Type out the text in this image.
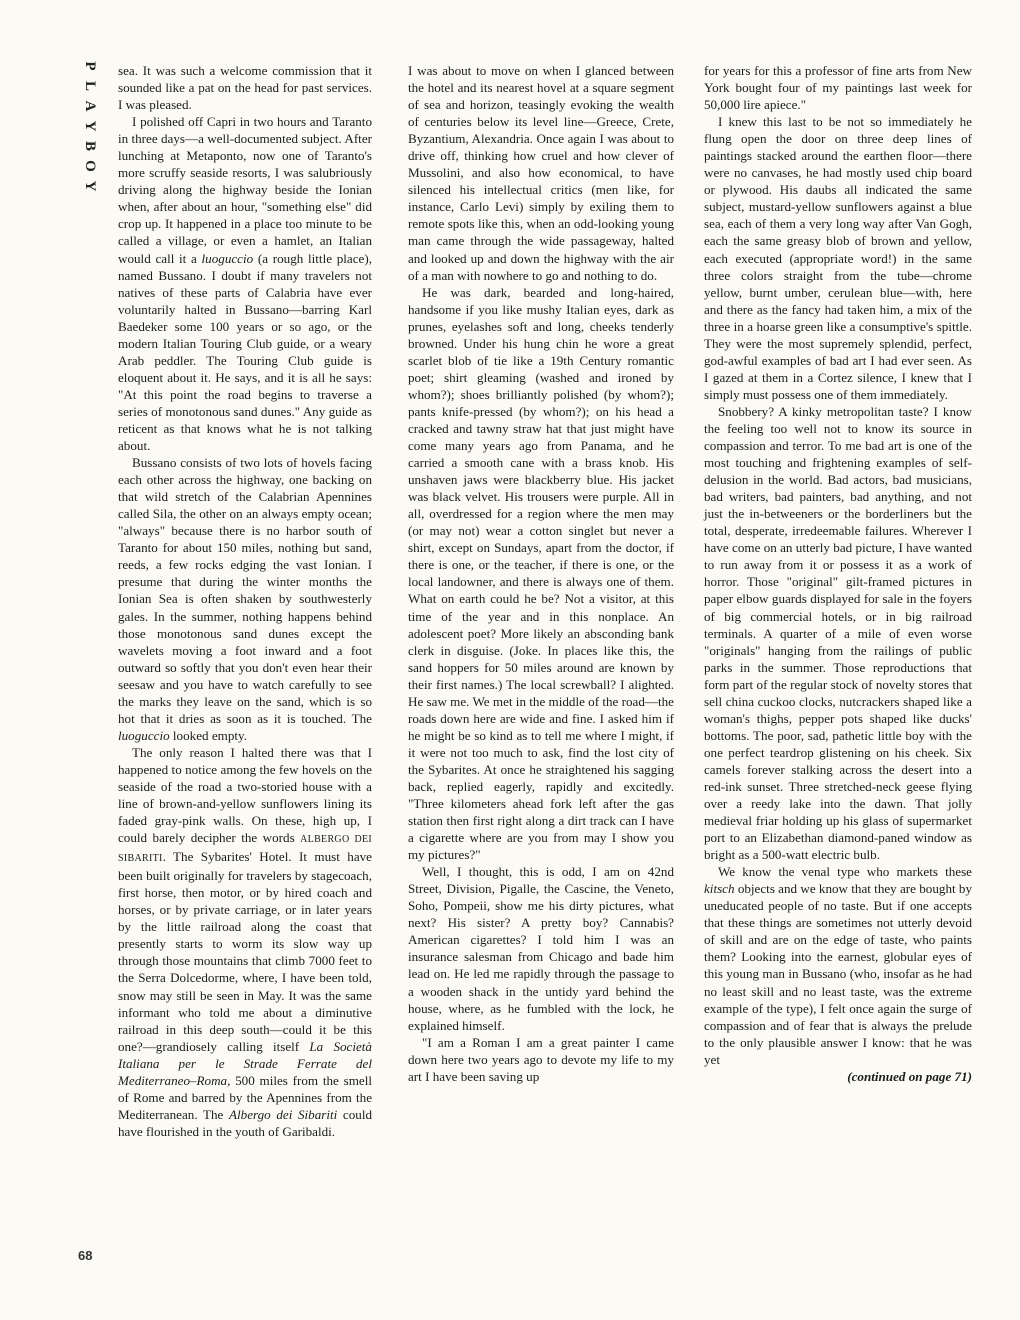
P
L
A
Y
B
O
Y
68

sea. It was such a welcome commission that it sounded like a pat on the head for past services. I was pleased.

I polished off Capri in two hours and Taranto in three days—a well-documented subject. After lunching at Metaponto, now one of Taranto's more scruffy seaside resorts, I was salubriously driving along the highway beside the Ionian when, after about an hour, "something else" did crop up. It happened in a place too minute to be called a village, or even a hamlet, an Italian would call it a luoguccio (a rough little place), named Bussano. I doubt if many travelers not natives of these parts of Calabria have ever voluntarily halted in Bussano—barring Karl Baedeker some 100 years or so ago, or the modern Italian Touring Club guide, or a weary Arab peddler. The Touring Club guide is eloquent about it. He says, and it is all he says: "At this point the road begins to traverse a series of monotonous sand dunes." Any guide as reticent as that knows what he is not talking about.

Bussano consists of two lots of hovels facing each other across the highway, one backing on that wild stretch of the Calabrian Apennines called Sila, the other on an always empty ocean; "always" because there is no harbor south of Taranto for about 150 miles, nothing but sand, reeds, a few rocks edging the vast Ionian. I presume that during the winter months the Ionian Sea is often shaken by southwesterly gales. In the summer, nothing happens behind those monotonous sand dunes except the wavelets moving a foot inward and a foot outward so softly that you don't even hear their seesaw and you have to watch carefully to see the marks they leave on the sand, which is so hot that it dries as soon as it is touched. The luoguccio looked empty.

The only reason I halted there was that I happened to notice among the few hovels on the seaside of the road a two-storied house with a line of brown-and-yellow sunflowers lining its faded gray-pink walls. On these, high up, I could barely decipher the words ALBERGO DEI SIBARITI. The Sybarites' Hotel. It must have been built originally for travelers by stagecoach, first horse, then motor, or by hired coach and horses, or by private carriage, or in later years by the little railroad along the coast that presently starts to worm its slow way up through those mountains that climb 7000 feet to the Serra Dolcedorme, where, I have been told, snow may still be seen in May. It was the same informant who told me about a diminutive railroad in this deep south—could it be this one?—grandiosely calling itself La Società Italiana per le Strade Ferrate del Mediterraneo–Roma, 500 miles from the smell of Rome and barred by the Apennines from the Mediterranean. The Albergo dei Sibariti could have flourished in the youth of Garibaldi.

I was about to move on when I glanced between the hotel and its nearest hovel at a square segment of sea and horizon, teasingly evoking the wealth of centuries below its level line—Greece, Crete, Byzantium, Alexandria. Once again I was about to drive off, thinking how cruel and how clever of Mussolini, and also how economical, to have silenced his intellectual critics (men like, for instance, Carlo Levi) simply by exiling them to remote spots like this, when an odd-looking young man came through the wide passageway, halted and looked up and down the highway with the air of a man with nowhere to go and nothing to do.

He was dark, bearded and long-haired, handsome if you like mushy Italian eyes, dark as prunes, eyelashes soft and long, cheeks tenderly browned. Under his hung chin he wore a great scarlet blob of tie like a 19th Century romantic poet; shirt gleaming (washed and ironed by whom?); shoes brilliantly polished (by whom?); pants knife-pressed (by whom?); on his head a cracked and tawny straw hat that just might have come many years ago from Panama, and he carried a smooth cane with a brass knob. His unshaven jaws were blackberry blue. His jacket was black velvet. His trousers were purple. All in all, overdressed for a region where the men may (or may not) wear a cotton singlet but never a shirt, except on Sundays, apart from the doctor, if there is one, or the teacher, if there is one, or the local landowner, and there is always one of them. What on earth could he be? Not a visitor, at this time of the year and in this nonplace. An adolescent poet? More likely an absconding bank clerk in disguise. (Joke. In places like this, the sand hoppers for 50 miles around are known by their first names.) The local screwball? I alighted. He saw me. We met in the middle of the road—the roads down here are wide and fine. I asked him if he might be so kind as to tell me where I might, if it were not too much to ask, find the lost city of the Sybarites. At once he straightened his sagging back, replied eagerly, rapidly and excitedly. "Three kilometers ahead fork left after the gas station then first right along a dirt track can I have a cigarette where are you from may I show you my pictures?"

Well, I thought, this is odd, I am on 42nd Street, Division, Pigalle, the Cascine, the Veneto, Soho, Pompeii, show me his dirty pictures, what next? His sister? A pretty boy? Cannabis? American cigarettes? I told him I was an insurance salesman from Chicago and bade him lead on. He led me rapidly through the passage to a wooden shack in the untidy yard behind the house, where, as he fumbled with the lock, he explained himself.

"I am a Roman I am a great painter I came down here two years ago to devote my life to my art I have been saving up

for years for this a professor of fine arts from New York bought four of my paintings last week for 50,000 lire apiece."

I knew this last to be not so immediately he flung open the door on three deep lines of paintings stacked around the earthen floor—there were no canvases, he had mostly used chip board or plywood. His daubs all indicated the same subject, mustard-yellow sunflowers against a blue sea, each of them a very long way after Van Gogh, each the same greasy blob of brown and yellow, each executed (appropriate word!) in the same three colors straight from the tube—chrome yellow, burnt umber, cerulean blue—with, here and there as the fancy had taken him, a mix of the three in a hoarse green like a consumptive's spittle. They were the most supremely splendid, perfect, god-awful examples of bad art I had ever seen. As I gazed at them in a Cortez silence, I knew that I simply must possess one of them immediately.

Snobbery? A kinky metropolitan taste? I know the feeling too well not to know its source in compassion and terror. To me bad art is one of the most touching and frightening examples of self-delusion in the world. Bad actors, bad musicians, bad writers, bad painters, bad anything, and not just the in-betweeners or the borderliners but the total, desperate, irredeemable failures. Wherever I have come on an utterly bad picture, I have wanted to run away from it or possess it as a work of horror. Those "original" gilt-framed pictures in paper elbow guards displayed for sale in the foyers of big commercial hotels, or in big railroad terminals. A quarter of a mile of even worse "originals" hanging from the railings of public parks in the summer. Those reproductions that form part of the regular stock of novelty stores that sell china cuckoo clocks, nutcrackers shaped like a woman's thighs, pepper pots shaped like ducks' bottoms. The poor, sad, pathetic little boy with the one perfect teardrop glistening on his cheek. Six camels forever stalking across the desert into a red-ink sunset. Three stretched-neck geese flying over a reedy lake into the dawn. That jolly medieval friar holding up his glass of supermarket port to an Elizabethan diamond-paned window as bright as a 500-watt electric bulb.

We know the venal type who markets these kitsch objects and we know that they are bought by uneducated people of no taste. But if one accepts that these things are sometimes not utterly devoid of skill and are on the edge of taste, who paints them? Looking into the earnest, globular eyes of this young man in Bussano (who, insofar as he had no least skill and no least taste, was the extreme example of the type), I felt once again the surge of compassion and of fear that is always the prelude to the only plausible answer I know: that he was yet

(continued on page 71)
